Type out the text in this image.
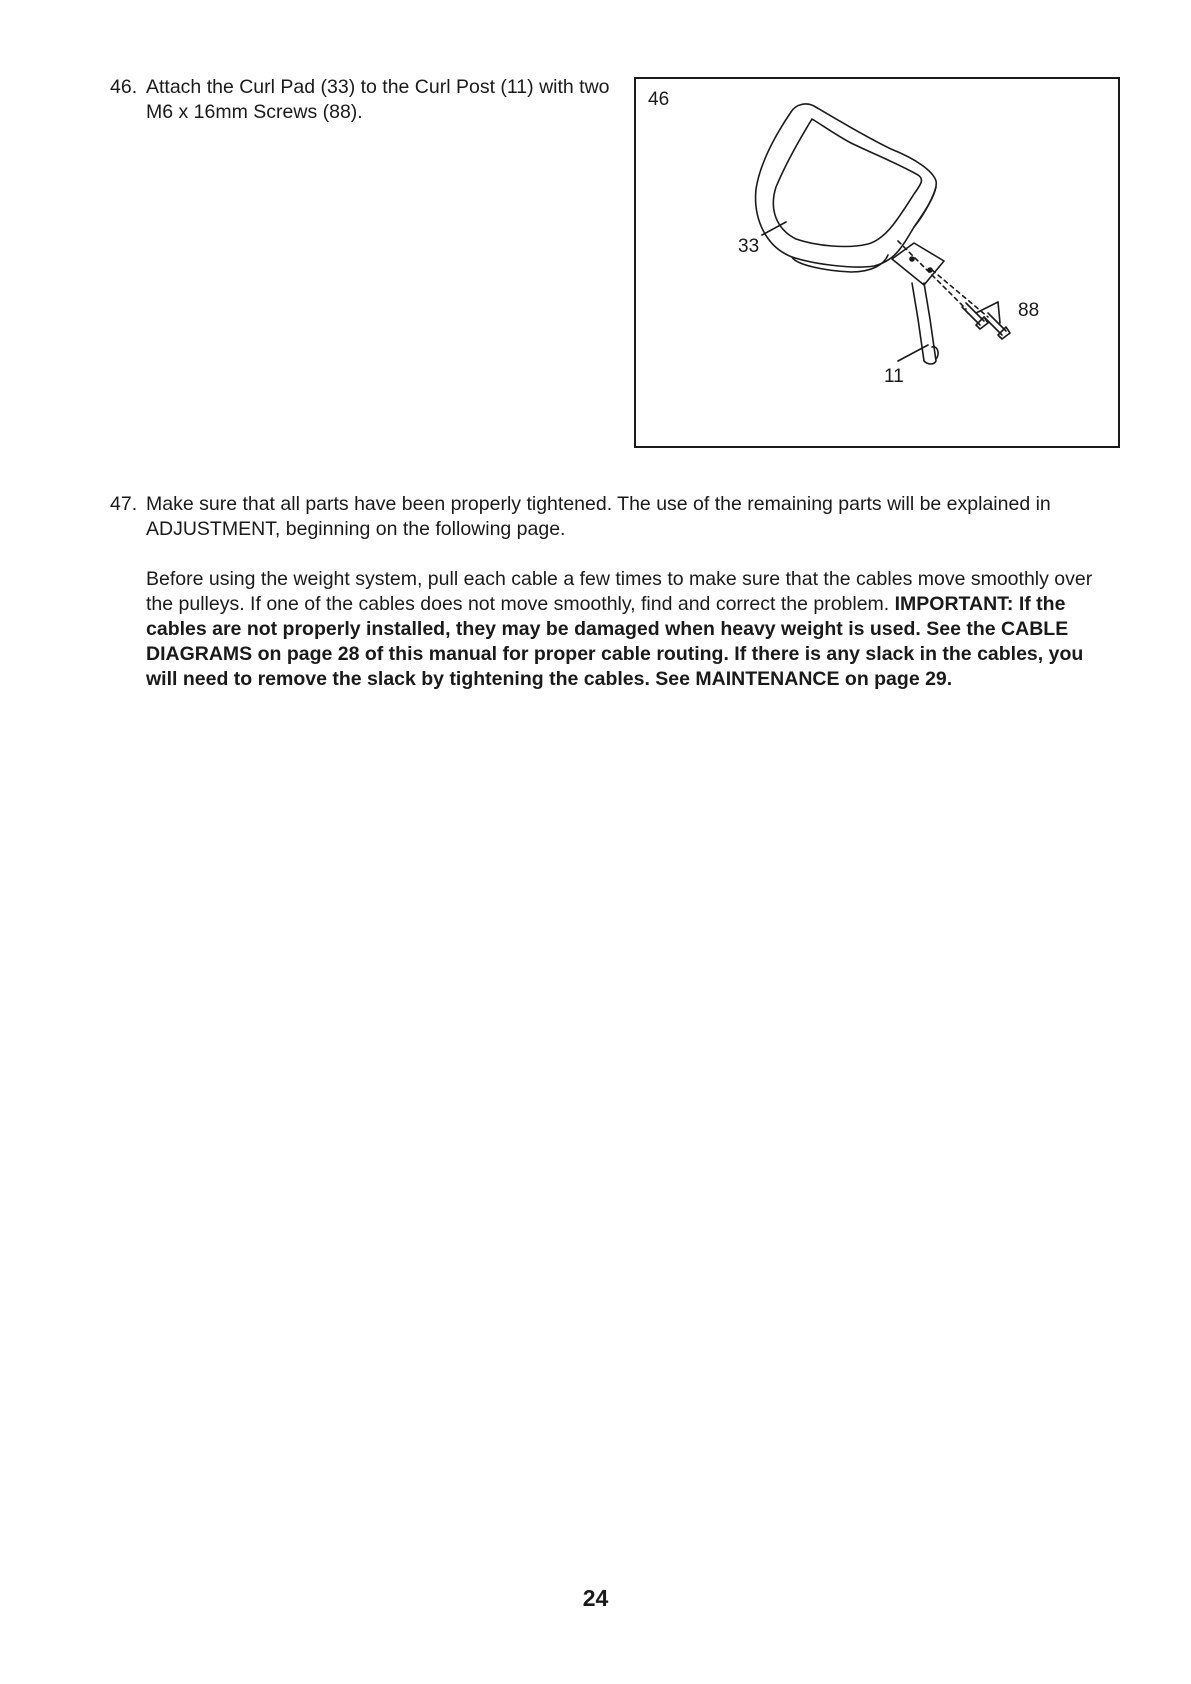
46. Attach the Curl Pad (33) to the Curl Post (11) with two M6 x 16mm Screws (88).
46
33
88
11
47. Make sure that all parts have been properly tightened. The use of the remaining parts will be explained in ADJUSTMENT, beginning on the following page.

Before using the weight system, pull each cable a few times to make sure that the cables move smoothly over the pulleys. If one of the cables does not move smoothly, find and correct the problem. IMPORTANT: If the cables are not properly installed, they may be damaged when heavy weight is used. See the CABLE DIAGRAMS on page 28 of this manual for proper cable routing. If there is any slack in the cables, you will need to remove the slack by tightening the cables. See MAINTENANCE on page 29.

24
